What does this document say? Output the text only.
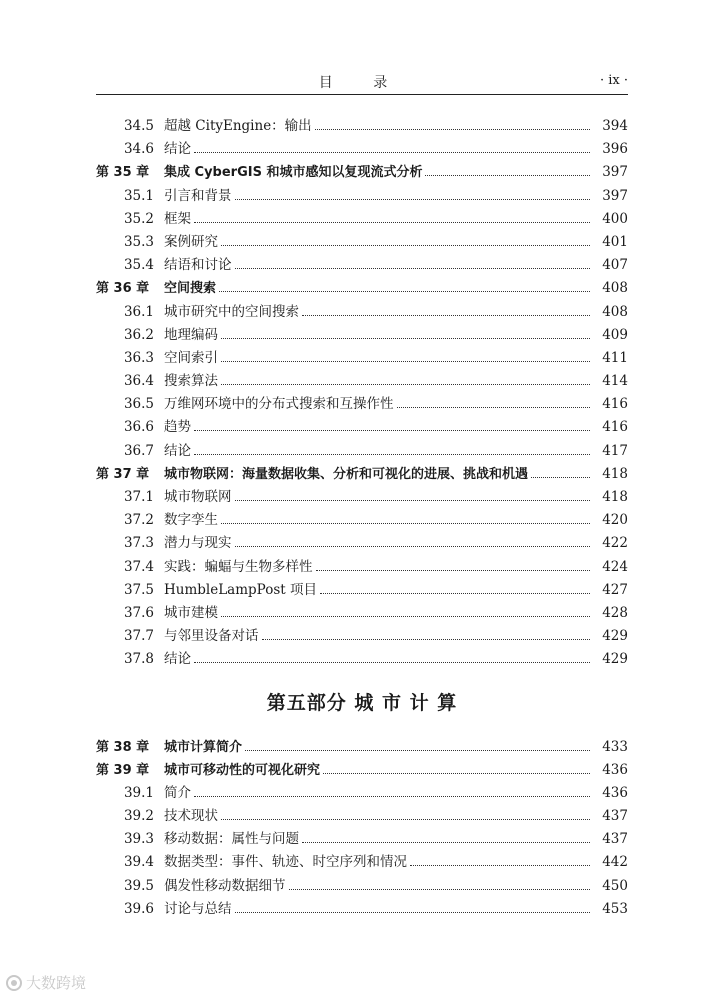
目 录	· ix ·
34.5 超越 CityEngine：输出	394
34.6 结论	396
第 35 章	集成 CyberGIS 和城市感知以复现流式分析	397
35.1 引言和背景	397
35.2 框架	400
35.3 案例研究	401
35.4 结语和讨论	407
第 36 章	空间搜索	408
36.1 城市研究中的空间搜索	408
36.2 地理编码	409
36.3 空间索引	411
36.4 搜索算法	414
36.5 万维网环境中的分布式搜索和互操作性	416
36.6 趋势	416
36.7 结论	417
第 37 章	城市物联网：海量数据收集、分析和可视化的进展、挑战和机遇	418
37.1 城市物联网	418
37.2 数字孪生	420
37.3 潜力与现实	422
37.4 实践：蝙蝠与生物多样性	424
37.5 HumbleLampPost 项目	427
37.6 城市建模	428
37.7 与邻里设备对话	429
37.8 结论	429
第五部分 城 市 计 算
第 38 章	城市计算简介	433
第 39 章	城市可移动性的可视化研究	436
39.1 简介	436
39.2 技术现状	437
39.3 移动数据：属性与问题	437
39.4 数据类型：事件、轨迹、时空序列和情况	442
39.5 偶发性移动数据细节	450
39.6 讨论与总结	453
大数跨境
